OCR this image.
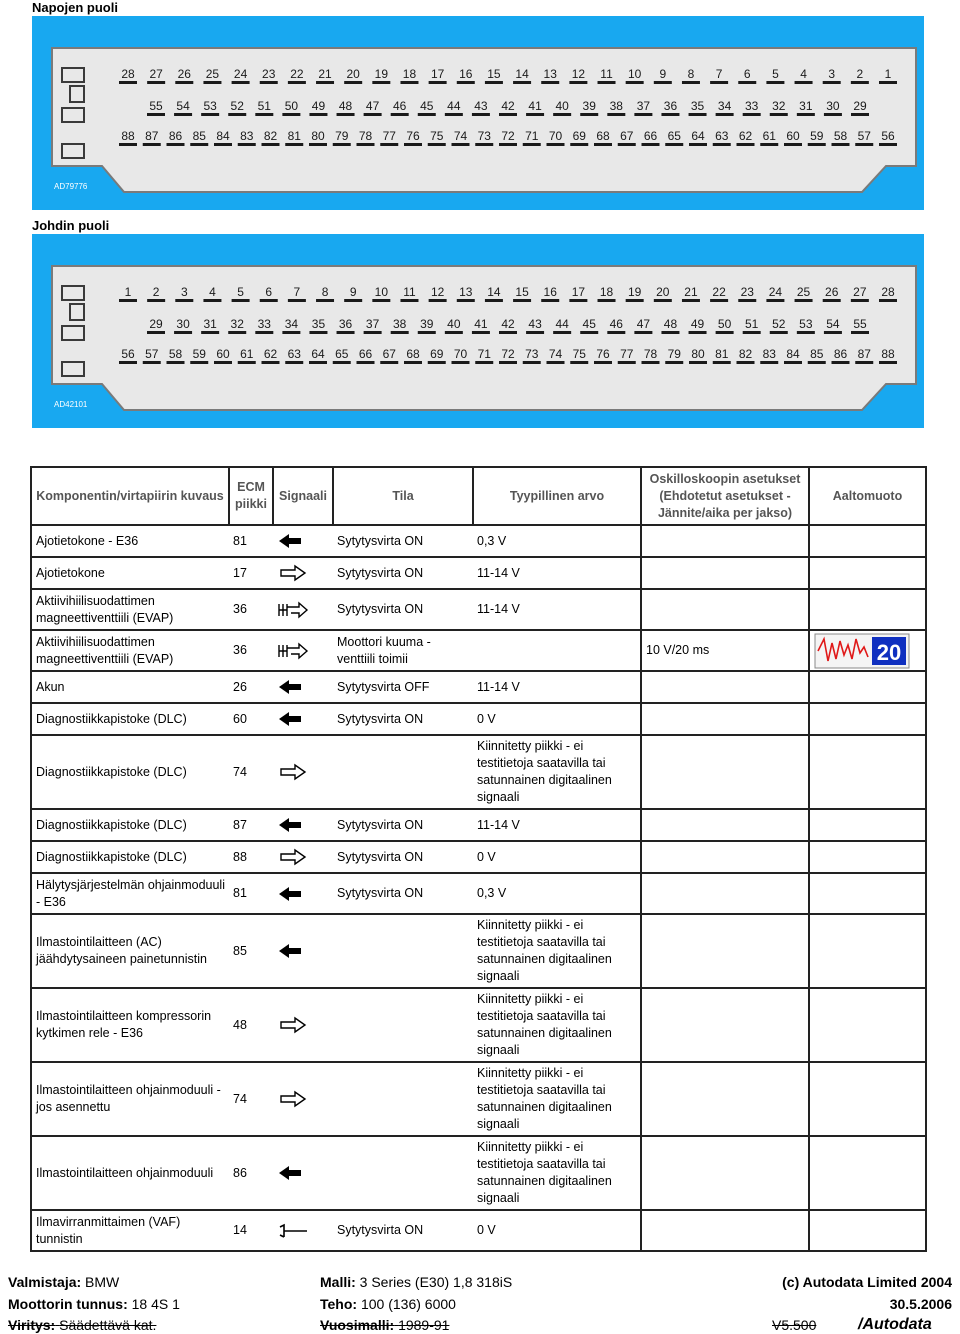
Napojen puoli
28 27 26 25 24 23 22 21 20 19 18 17 16 15 14 13 12 11 10 9 8 7 6 5 4 3 2 1
55 54 53 52 51 50 49 48 47 46 45 44 43 42 41 40 39 38 37 36 35 34 33 32 31 30 29
88 87 86 85 84 83 82 81 80 79 78 77 76 75 74 73 72 71 70 69 68 67 66 65 64 63 62 61 60 59 58 57 56
AD79776
Johdin puoli
1 2 3 4 5 6 7 8 9 10 11 12 13 14 15 16 17 18 19 20 21 22 23 24 25 26 27 28
29 30 31 32 33 34 35 36 37 38 39 40 41 42 43 44 45 46 47 48 49 50 51 52 53 54 55
56 57 58 59 60 61 62 63 64 65 66 67 68 69 70 71 72 73 74 75 76 77 78 79 80 81 82 83 84 85 86 87 88
AD42101
Komponentin/virtapiirin kuvaus	ECM piikki	Signaali	Tila	Tyypillinen arvo	Oskilloskoopin asetukset (Ehdotetut asetukset - Jännite/aika per jakso)	Aaltomuoto
Ajotietokone - E36	81		Sytytysvirta ON	0,3 V		
Ajotietokone	17		Sytytysvirta ON	11-14 V		
Aktiivihiilisuodattimen magneettiventtiili (EVAP)	36		Sytytysvirta ON	11-14 V		
Aktiivihiilisuodattimen magneettiventtiili (EVAP)	36		Moottori kuuma - venttiili toimii		10 V/20 ms	20

Akun	26		Sytytysvirta OFF	11-14 V		
Diagnostiikkapistoke (DLC)	60		Sytytysvirta ON	0 V		
Diagnostiikkapistoke (DLC)	74			Kiinnitetty piikki - ei testitietoja saatavilla tai satunnainen digitaalinen signaali		
Diagnostiikkapistoke (DLC)	87		Sytytysvirta ON	11-14 V		
Diagnostiikkapistoke (DLC)	88		Sytytysvirta ON	0 V		
Hälytysjärjestelmän ohjainmoduuli - E36	81		Sytytysvirta ON	0,3 V		
Ilmastointilaitteen (AC) jäähdytysaineen painetunnistin	85			Kiinnitetty piikki - ei testitietoja saatavilla tai satunnainen digitaalinen signaali		
Ilmastointilaitteen kompressorin kytkimen rele - E36	48			Kiinnitetty piikki - ei testitietoja saatavilla tai satunnainen digitaalinen signaali		
Ilmastointilaitteen ohjainmoduuli - jos asennettu	74			Kiinnitetty piikki - ei testitietoja saatavilla tai satunnainen digitaalinen signaali		
Ilmastointilaitteen ohjainmoduuli	86			Kiinnitetty piikki - ei testitietoja saatavilla tai satunnainen digitaalinen signaali		
Ilmavirranmittaimen (VAF) tunnistin	14		Sytytysvirta ON	0 V		
Valmistaja: BMW	Malli: 3 Series (E30) 1,8 318iS	(c) Autodata Limited 2004
Moottorin tunnus: 18 4S 1	Teho: 100 (136) 6000	30.5.2006
Viritys: Säädettävä kat.	Vuosimalli: 1989-91	V5.500	/Autodata
